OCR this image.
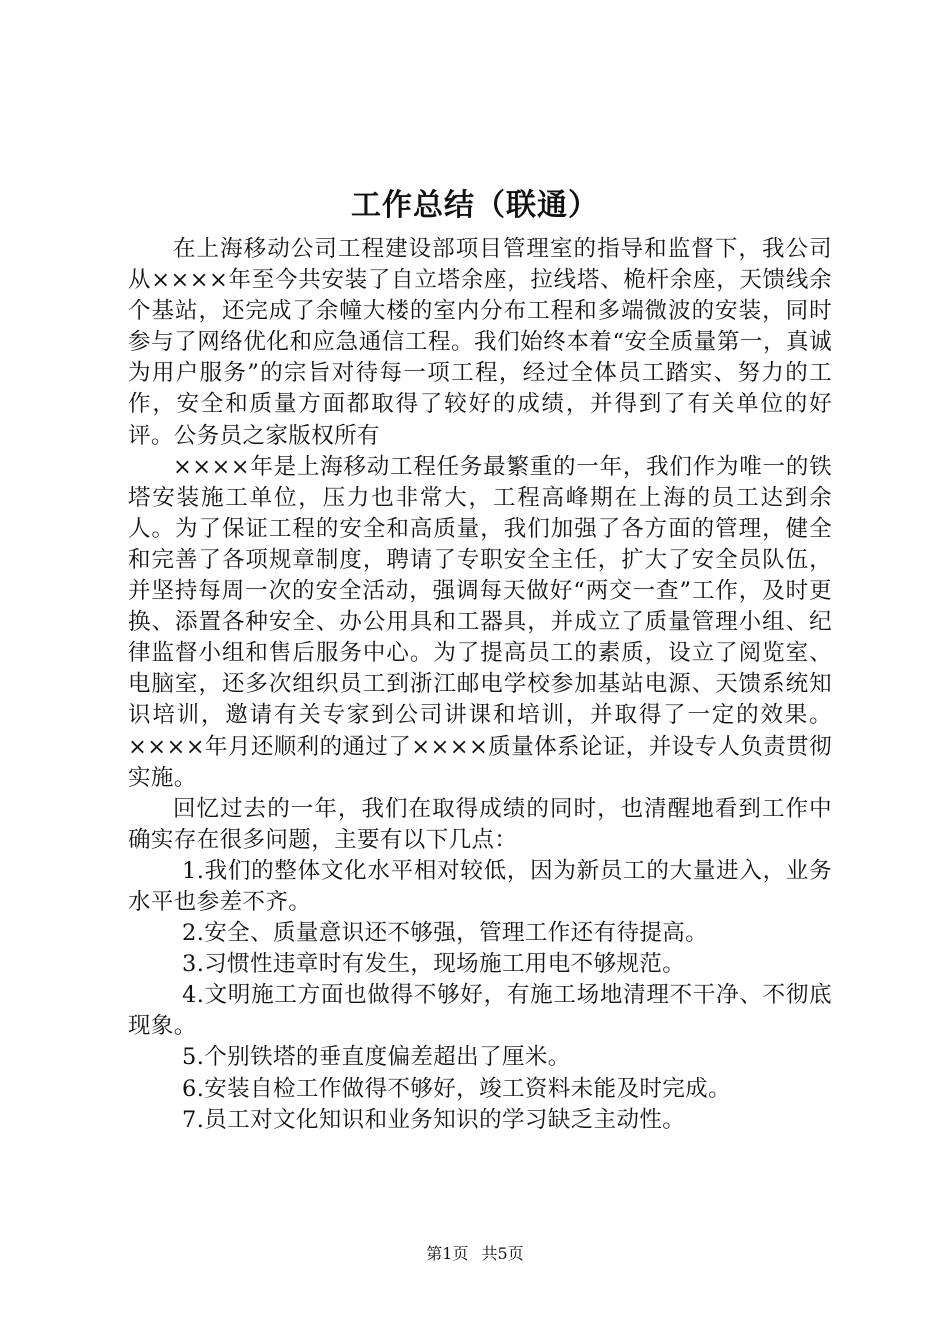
工作总结（联通）

在上海移动公司工程建设部项目管理室的指导和监督下，我公司从××××年至今共安装了自立塔余座，拉线塔、桅杆余座，天馈线余个基站，还完成了余幢大楼的室内分布工程和多端微波的安装，同时参与了网络优化和应急通信工程。我们始终本着“安全质量第一，真诚为用户服务”的宗旨对待每一项工程，经过全体员工踏实、努力的工作，安全和质量方面都取得了较好的成绩，并得到了有关单位的好评。公务员之家版权所有

××××年是上海移动工程任务最繁重的一年，我们作为唯一的铁塔安装施工单位，压力也非常大，工程高峰期在上海的员工达到余人。为了保证工程的安全和高质量，我们加强了各方面的管理，健全和完善了各项规章制度，聘请了专职安全主任，扩大了安全员队伍，并坚持每周一次的安全活动，强调每天做好“两交一查”工作，及时更换、添置各种安全、办公用具和工器具，并成立了质量管理小组、纪律监督小组和售后服务中心。为了提高员工的素质，设立了阅览室、电脑室，还多次组织员工到浙江邮电学校参加基站电源、天馈系统知识培训，邀请有关专家到公司讲课和培训，并取得了一定的效果。××××年月还顺利的通过了××××质量体系论证，并设专人负责贯彻实施。

回忆过去的一年，我们在取得成绩的同时，也清醒地看到工作中确实存在很多问题，主要有以下几点：

1.我们的整体文化水平相对较低，因为新员工的大量进入，业务水平也参差不齐。

2.安全、质量意识还不够强，管理工作还有待提高。

3.习惯性违章时有发生，现场施工用电不够规范。

4.文明施工方面也做得不够好，有施工场地清理不干净、不彻底现象。

5.个别铁塔的垂直度偏差超出了厘米。

6.安装自检工作做得不够好，竣工资料未能及时完成。

7.员工对文化知识和业务知识的学习缺乏主动性。

第1页 共5页
